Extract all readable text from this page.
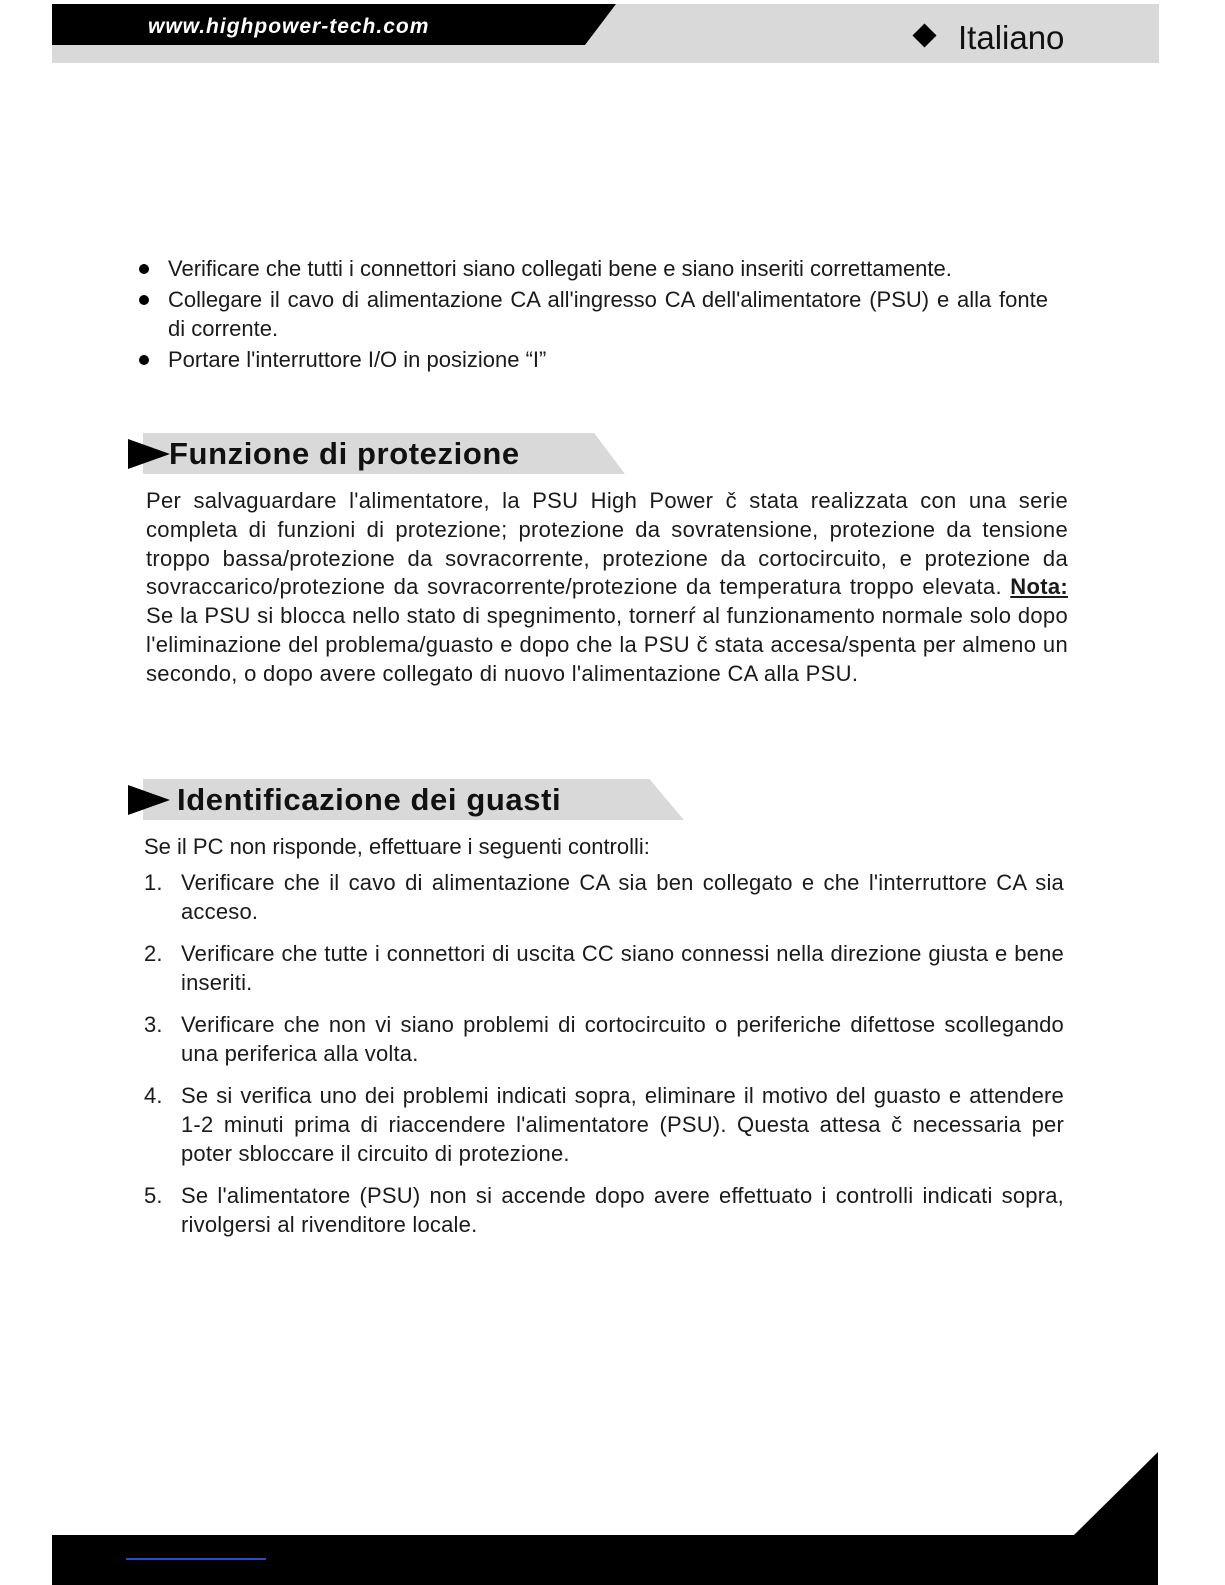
www.highpower-tech.com	Italiano
Verificare che tutti i connettori siano collegati bene e siano inseriti correttamente.
Collegare il cavo di alimentazione CA all'ingresso CA dell'alimentatore (PSU) e alla fonte di corrente.
Portare l'interruttore I/O in posizione “I”
Funzione di protezione
Per salvaguardare l'alimentatore, la PSU High Power č stata realizzata con una serie completa di funzioni di protezione; protezione da sovratensione, protezione da tensione troppo bassa/protezione da sovracorrente, protezione da cortocircuito, e protezione da sovraccarico/protezione da sovracorrente/protezione da temperatura troppo elevata. Nota: Se la PSU si blocca nello stato di spegnimento, tornerŕ al funzionamento normale solo dopo l'eliminazione del problema/guasto e dopo che la PSU č stata accesa/spenta per almeno un secondo, o dopo avere collegato di nuovo l'alimentazione CA alla PSU.
Identificazione dei guasti
Se il PC non risponde, effettuare i seguenti controlli:
1. Verificare che il cavo di alimentazione CA sia ben collegato e che l'interruttore CA sia acceso.
2. Verificare che tutte i connettori di uscita CC siano connessi nella direzione giusta e bene inseriti.
3. Verificare che non vi siano problemi di cortocircuito o periferiche difettose scollegando una periferica alla volta.
4. Se si verifica uno dei problemi indicati sopra, eliminare il motivo del guasto e attendere 1-2 minuti prima di riaccendere l'alimentatore (PSU). Questa attesa č necessaria per poter sbloccare il circuito di protezione.
5. Se l'alimentatore (PSU) non si accende dopo avere effettuato i controlli indicati sopra, rivolgersi al rivenditore locale.
